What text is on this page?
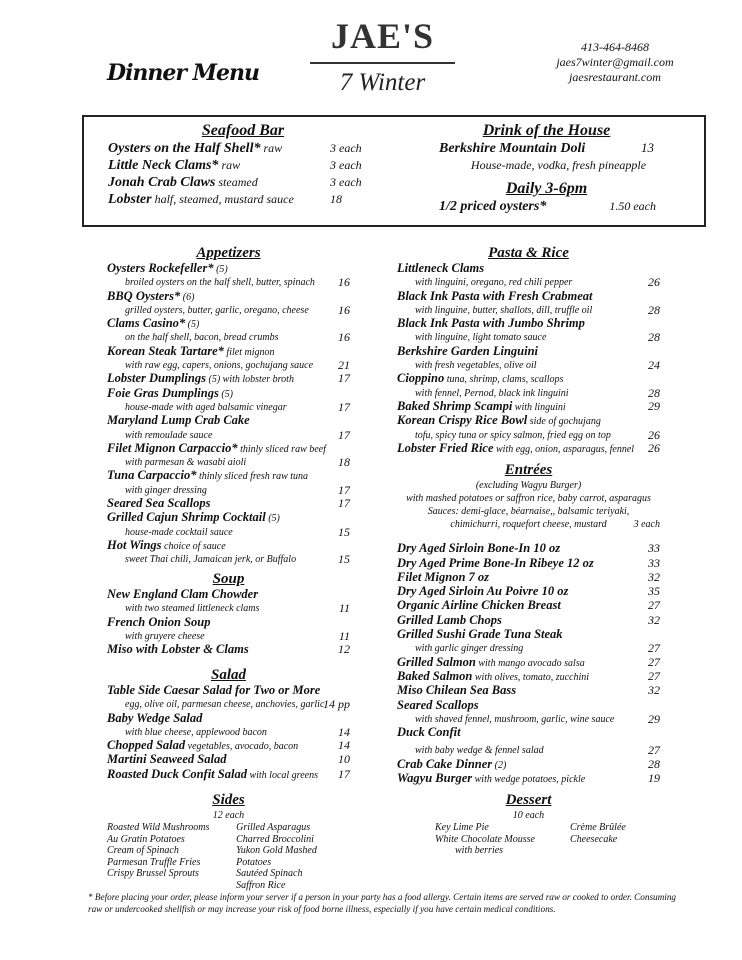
Dinner Menu
JAE'S
7 Winter
413-464-8468
jaes7winter@gmail.com
jaesrestaurant.com
Seafood Bar
Oysters on the Half Shell* raw	3 each
Little Neck Clams* raw	3 each
Jonah Crab Claws steamed	3 each
Lobster half, steamed, mustard sauce	18
Drink of the House
Berkshire Mountain Doli	13
House-made, vodka, fresh pineapple
Daily 3-6pm
1/2 priced oysters*	1.50 each
Appetizers
Oysters Rockefeller* (5)
broiled oysters on the half shell, butter, spinach 16
BBQ Oysters* (6)
grilled oysters, butter, garlic, oregano, cheese 16
Clams Casino* (5)
on the half shell, bacon, bread crumbs	16
Korean Steak Tartare* filet mignon
with raw egg, capers, onions, gochujang sauce 21
Lobster Dumplings (5) with lobster broth	17
Foie Gras Dumplings (5)
house-made with aged balsamic vinegar	17
Maryland Lump Crab Cake
with remoulade sauce	17
Filet Mignon Carpaccio* thinly sliced raw beef
with parmesan & wasabi aioli	18
Tuna Carpaccio* thinly sliced fresh raw tuna
with ginger dressing	17
Seared Sea Scallops	17
Grilled Cajun Shrimp Cocktail (5)
house-made cocktail sauce	15
Hot Wings choice of sauce
sweet Thai chili, Jamaican jerk, or Buffalo	15
Soup
New England Clam Chowder
with two steamed littleneck clams	11
French Onion Soup
with gruyere cheese	11
Miso with Lobster & Clams	12
Salad
Table Side Caesar Salad for Two or More
egg, olive oil, parmesan cheese, anchovies, garlic
14 pp
Baby Wedge Salad
with blue cheese, applewood bacon	14
Chopped Salad vegetables, avocado, bacon	14
Martini Seaweed Salad	10
Roasted Duck Confit Salad with local greens 17
Sides
12 each
Roasted Wild Mushrooms
Au Gratin Potatoes
Cream of Spinach
Parmesan Truffle Fries
Crispy Brussel Sprouts
Grilled Asparagus
Charred Broccolini
Yukon Gold Mashed Potatoes
Sautéed Spinach
Saffron Rice
Pasta & Rice
Littleneck Clams
with linguini, oregano, red chili pepper	26
Black Ink Pasta with Fresh Crabmeat
with linguine, butter, shallots, dill, truffle oil	28
Black Ink Pasta with Jumbo Shrimp
with linguine, light tomato sauce	28
Berkshire Garden Linguini
with fresh vegetables, olive oil	24
Cioppino tuna, shrimp, clams, scallops
with fennel, Pernod, black ink linguini	28
Baked Shrimp Scampi with linguini	29
Korean Crispy Rice Bowl side of gochujang
tofu, spicy tuna or spicy salmon, fried egg on top	26
Lobster Fried Rice with egg, onion, asparagus, fennel 26
Entrées
(excluding Wagyu Burger)
with mashed potatoes or saffron rice, baby carrot, asparagus
Sauces: demi-glace, béarnaise,, balsamic teriyaki,
chimichurri, roquefort cheese, mustard	3 each
Dry Aged Sirloin Bone-In 10 oz	33
Dry Aged Prime Bone-In Ribeye 12 oz	33
Filet Mignon 7 oz	32
Dry Aged Sirloin Au Poivre 10 oz	35
Organic Airline Chicken Breast	27
Grilled Lamb Chops	32
Grilled Sushi Grade Tuna Steak
with garlic ginger dressing	27
Grilled Salmon with mango avocado salsa	27
Baked Salmon with olives, tomato, zucchini	27
Miso Chilean Sea Bass	32
Seared Scallops
with shaved fennel, mushroom, garlic, wine sauce	29
Duck Confit
with baby wedge & fennel salad	27
Crab Cake Dinner (2)	28
Wagyu Burger with wedge potatoes, pickle	19
Dessert
10 each
Key Lime Pie
White Chocolate Mousse
with berries
Crème Brûlée
Cheesecake
* Before placing your order, please inform your server if a person in your party has a food allergy. Certain items are served raw or cooked to order. Consuming raw or undercooked shellfish or may increase your risk of food borne illness, especially if you have certain medical conditions.
